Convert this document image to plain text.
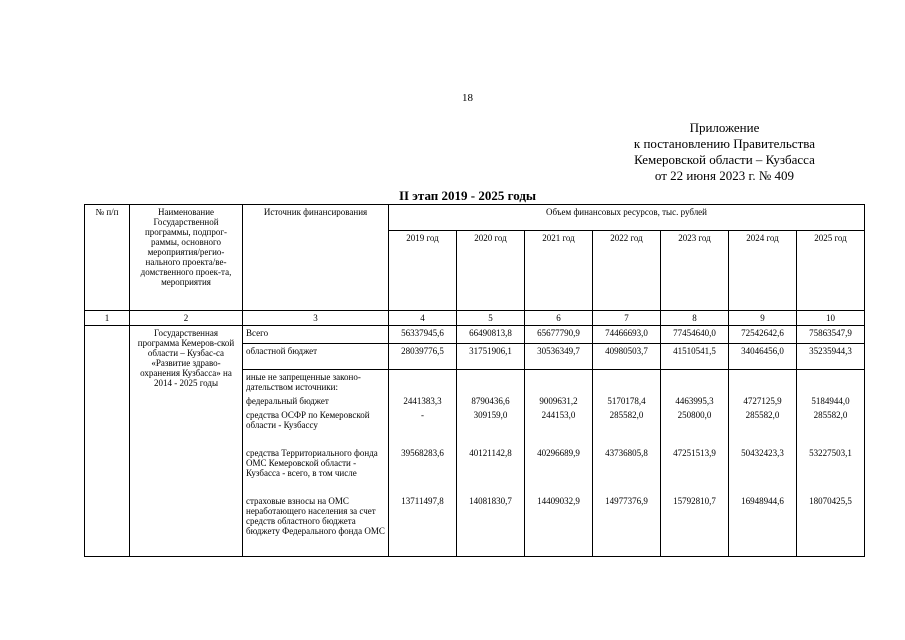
18
Приложение
к постановлению Правительства
Кемеровской области – Кузбасса
от 22 июня 2023 г. № 409
II этап 2019 - 2025 годы
№ п/п	Наименование Государственной программы, подпрог-раммы, основного мероприятия/регио-нального проекта/ве-домственного проек-та, мероприятия	Источник финансирования	Объем финансовых ресурсов, тыс. рублей						
			2019 год	2020 год	2021 год	2022 год	2023 год	2024 год	2025 год
1	2	3	4	5	6	7	8	9	10
	Государственная программа Кемеров-ской области – Кузбас-са «Развитие здраво-охранения Кузбасса» на 2014 - 2025 годы	Всего	56337945,6	66490813,8	65677790,9	74466693,0	77454640,0	72542642,6	75863547,9
		областной бюджет	28039776,5	31751906,1	30536349,7	40980503,7	41510541,5	34046456,0	35235944,3
		иные не запрещенные законо-дательством источники:							
		федеральный бюджет	2441383,3	8790436,6	9009631,2	5170178,4	4463995,3	4727125,9	5184944,0
		средства ОСФР по Кемеровской области - Кузбассу	-	309159,0	244153,0	285582,0	250800,0	285582,0	285582,0
		средства Территориального фонда ОМС Кемеровской области - Кузбасса - всего, в том числе	39568283,6	40121142,8	40296689,9	43736805,8	47251513,9	50432423,3	53227503,1
		страховые взносы на ОМС неработающего населения за счет средств областного бюджета бюджету Федерального фонда ОМС	13711497,8	14081830,7	14409032,9	14977376,9	15792810,7	16948944,6	18070425,5
